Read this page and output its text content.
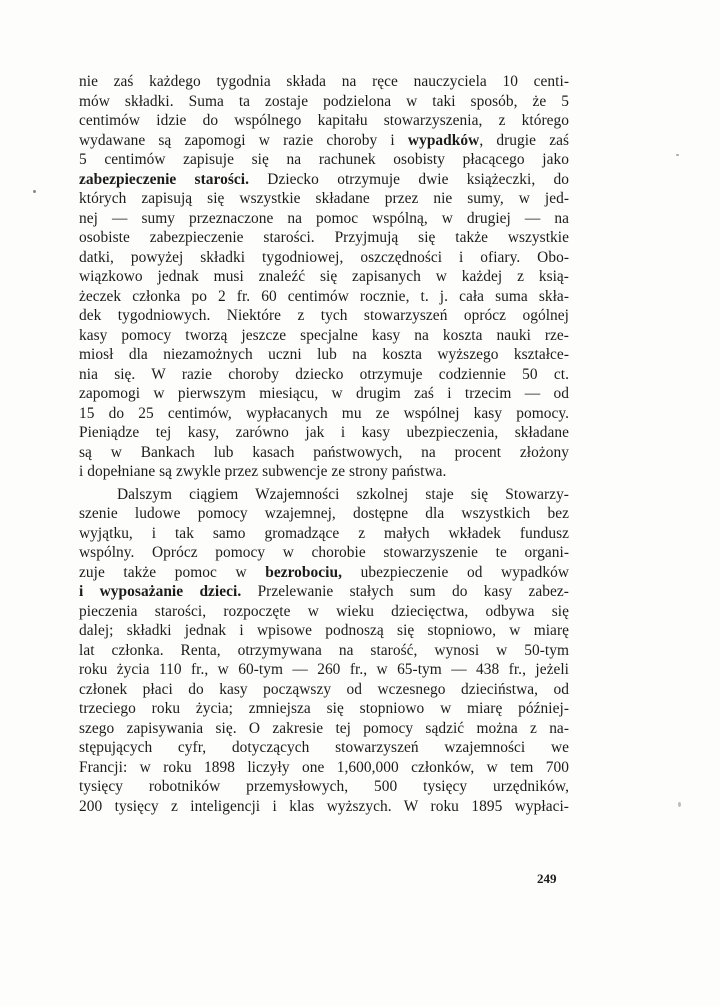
nie zaś każdego tygodnia składa na ręce nauczyciela 10 centi-
mów składki. Suma ta zostaje podzielona w taki sposób, że 5
centimów idzie do wspólnego kapitału stowarzyszenia, z którego
wydawane są zapomogi w razie choroby i wypadków, drugie zaś
5 centimów zapisuje się na rachunek osobisty płacącego jako
zabezpieczenie starości. Dziecko otrzymuje dwie książeczki, do
których zapisują się wszystkie składane przez nie sumy, w jed-
nej — sumy przeznaczone na pomoc wspólną, w drugiej — na
osobiste zabezpieczenie starości. Przyjmują się także wszystkie
datki, powyżej składki tygodniowej, oszczędności i ofiary. Obo-
wiązkowo jednak musi znaleźć się zapisanych w każdej z ksią-
żeczek członka po 2 fr. 60 centimów rocznie, t. j. cała suma skła-
dek tygodniowych. Niektóre z tych stowarzyszeń oprócz ogólnej
kasy pomocy tworzą jeszcze specjalne kasy na koszta nauki rze-
miosł dla niezamożnych uczni lub na koszta wyższego kształce-
nia się. W razie choroby dziecko otrzymuje codziennie 50 ct.
zapomogi w pierwszym miesiącu, w drugim zaś i trzecim — od
15 do 25 centimów, wypłacanych mu ze wspólnej kasy pomocy.
Pieniądze tej kasy, zarówno jak i kasy ubezpieczenia, składane
są w Bankach lub kasach państwowych, na procent złożony
i dopełniane są zwykle przez subwencje ze strony państwa.
Dalszym ciągiem Wzajemności szkolnej staje się Stowarzy-
szenie ludowe pomocy wzajemnej, dostępne dla wszystkich bez
wyjątku, i tak samo gromadzące z małych wkładek fundusz
wspólny. Oprócz pomocy w chorobie stowarzyszenie te organi-
zuje także pomoc w bezrobociu, ubezpieczenie od wypadków
i wyposażanie dzieci. Przelewanie stałych sum do kasy zabez-
pieczenia starości, rozpoczęte w wieku dziecięctwa, odbywa się
dalej; składki jednak i wpisowe podnoszą się stopniowo, w miarę
lat członka. Renta, otrzymywana na starość, wynosi w 50-tym
roku życia 110 fr., w 60-tym — 260 fr., w 65-tym — 438 fr., jeżeli
członek płaci do kasy począwszy od wczesnego dzieciństwa, od
trzeciego roku życia; zmniejsza się stopniowo w miarę później-
szego zapisywania się. O zakresie tej pomocy sądzić można z na-
stępujących cyfr, dotyczących stowarzyszeń wzajemności we
Francji: w roku 1898 liczyły one 1,600,000 członków, w tem 700
tysięcy robotników przemysłowych, 500 tysięcy urzędników,
200 tysięcy z inteligencji i klas wyższych. W roku 1895 wypłaci-
249
